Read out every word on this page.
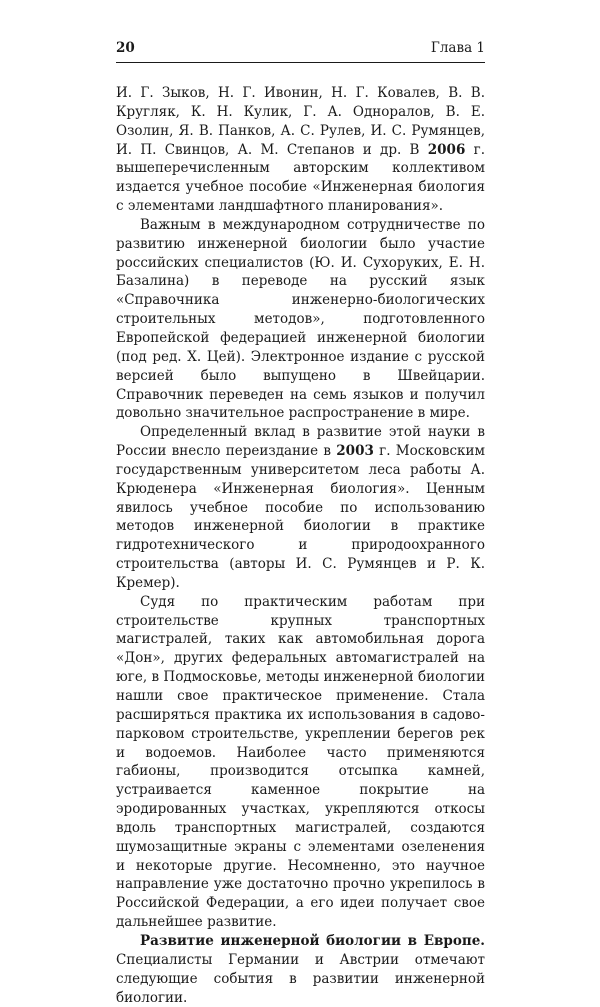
20	Глава 1

И. Г. Зыков, Н. Г. Ивонин, Н. Г. Ковалев, В. В. Кругляк, К. Н. Кулик, Г. А. Одноралов, В. Е. Озолин, Я. В. Панков, А. С. Рулев, И. С. Румянцев, И. П. Свинцов, А. М. Степанов и др. В 2006 г. вышеперечисленным авторским коллективом издается учебное пособие «Инженерная биология с элементами ландшафтного планирования».

Важным в международном сотрудничестве по развитию инженерной биологии было участие российских специалистов (Ю. И. Сухоруких, Е. Н. Базалина) в переводе на русский язык «Справочника инженерно-биологических строительных методов», подготовленного Европейской федерацией инженерной биологии (под ред. Х. Цей). Электронное издание с русской версией было выпущено в Швейцарии. Справочник переведен на семь языков и получил довольно значительное распространение в мире.

Определенный вклад в развитие этой науки в России внесло переиздание в 2003 г. Московским государственным университетом леса работы А. Крюденера «Инженерная биология». Ценным явилось учебное пособие по использованию методов инженерной биологии в практике гидротехнического и природоохранного строительства (авторы И. С. Румянцев и Р. К. Кремер).

Судя по практическим работам при строительстве крупных транспортных магистралей, таких как автомобильная дорога «Дон», других федеральных автомагистралей на юге, в Подмосковье, методы инженерной биологии нашли свое практическое применение. Стала расширяться практика их использования в садово-парковом строительстве, укреплении берегов рек и водоемов. Наиболее часто применяются габионы, производится отсыпка камней, устраивается каменное покрытие на эродированных участках, укрепляются откосы вдоль транспортных магистралей, создаются шумозащитные экраны с элементами озеленения и некоторые другие. Несомненно, это научное направление уже достаточно прочно укрепилось в Российской Федерации, а его идеи получает свое дальнейшее развитие.

Развитие инженерной биологии в Европе. Специалисты Германии и Австрии отмечают следующие события в развитии инженерной биологии.
